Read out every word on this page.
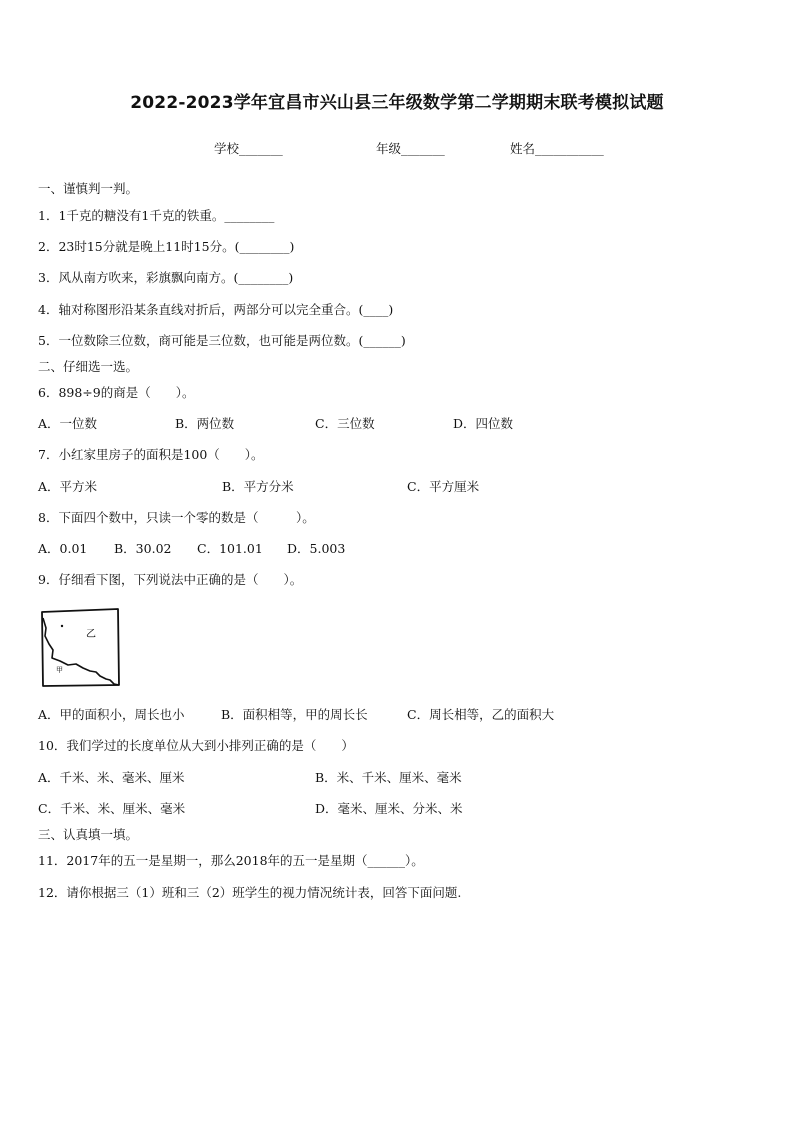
2022-2023学年宜昌市兴山县三年级数学第二学期期末联考模拟试题
学校_______	年级_______	姓名___________
一、谨慎判一判。
1．1千克的糖没有1千克的铁重。________
2．23时15分就是晚上11时15分。(________)
3．风从南方吹来，彩旗飘向南方。(________)
4．轴对称图形沿某条直线对折后，两部分可以完全重合。(____)
5．一位数除三位数，商可能是三位数，也可能是两位数。(______)
二、仔细选一选。
6．898÷9的商是（　　）。
A．一位数	B．两位数	C．三位数	D．四位数
7．小红家里房子的面积是100（　　）。
A．平方米	B．平方分米	C．平方厘米
8．下面四个数中，只读一个零的数是（　　　）。
A．0.01 B．30.02 C．101.01 D．5.003
9．仔细看下图，下列说法中正确的是（　　）。
乙
甲
A．甲的面积小，周长也小	B．面积相等，甲的周长长	C．周长相等，乙的面积大
10．我们学过的长度单位从大到小排列正确的是（　　）
A．千米、米、毫米、厘米	B．米、千米、厘米、毫米
C．千米、米、厘米、毫米	D．毫米、厘米、分米、米
三、认真填一填。
11．2017年的五一是星期一，那么2018年的五一是星期（______）。
12．请你根据三（1）班和三（2）班学生的视力情况统计表，回答下面问题.
